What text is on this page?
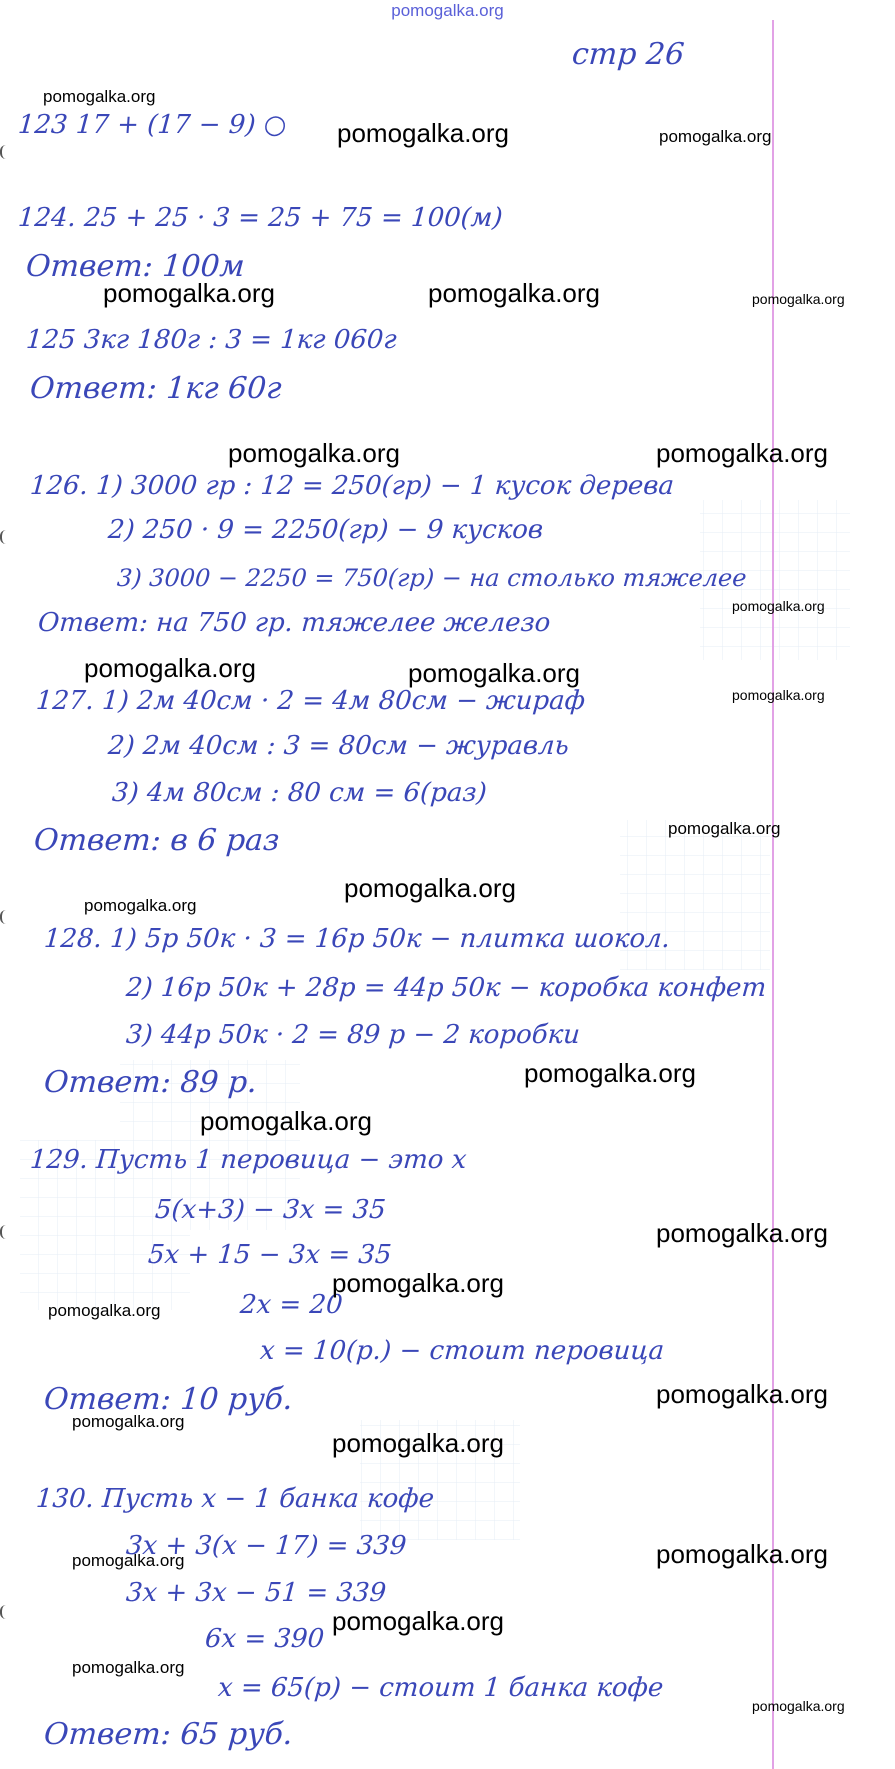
pomogalka.org
стр 26
123 17 + (17 − 9) ○
124. 25 + 25 · 3 = 25 + 75 = 100(м)
Ответ: 100м
125 3кг 180г : 3 = 1кг 060г
Ответ: 1кг 60г
126. 1) 3000 гр : 12 = 250(гр) − 1 кусок дерева
2) 250 · 9 = 2250(гр) − 9 кусков
3) 3000 − 2250 = 750(гр) − на столько тяжелее
Ответ: на 750 гр. тяжелее железо
127. 1) 2м 40см · 2 = 4м 80см − жираф
2) 2м 40см : 3 = 80см − журавль
3) 4м 80см : 80 см = 6(раз)
Ответ: в 6 раз
128. 1) 5р 50к · 3 = 16р 50к − плитка шокол.
2) 16р 50к + 28р = 44р 50к − коробка конфет
3) 44р 50к · 2 = 89 р − 2 коробки
Ответ: 89 р.
129. Пусть 1 перовица − это х
5(х+3) − 3х = 35
5х + 15 − 3х = 35
2х = 20
х = 10(р.) − стоит перовица
Ответ: 10 руб.
130. Пусть х − 1 банка кофе
3х + 3(х − 17) = 339
3х + 3х − 51 = 339
6х = 390
х = 65(р) − стоит 1 банка кофе
Ответ: 65 руб.
pomogalka.org
pomogalka.org	pomogalka.org
pomogalka.org	pomogalka.org	pomogalka.org
pomogalka.org	pomogalka.org
pomogalka.org
pomogalka.org	pomogalka.org
pomogalka.org
pomogalka.org
pomogalka.org
pomogalka.org
pomogalka.org
pomogalka.org
pomogalka.org
pomogalka.org
pomogalka.org
pomogalka.org
pomogalka.org
pomogalka.org
pomogalka.org	pomogalka.org
pomogalka.org
pomogalka.org
pomogalka.org
